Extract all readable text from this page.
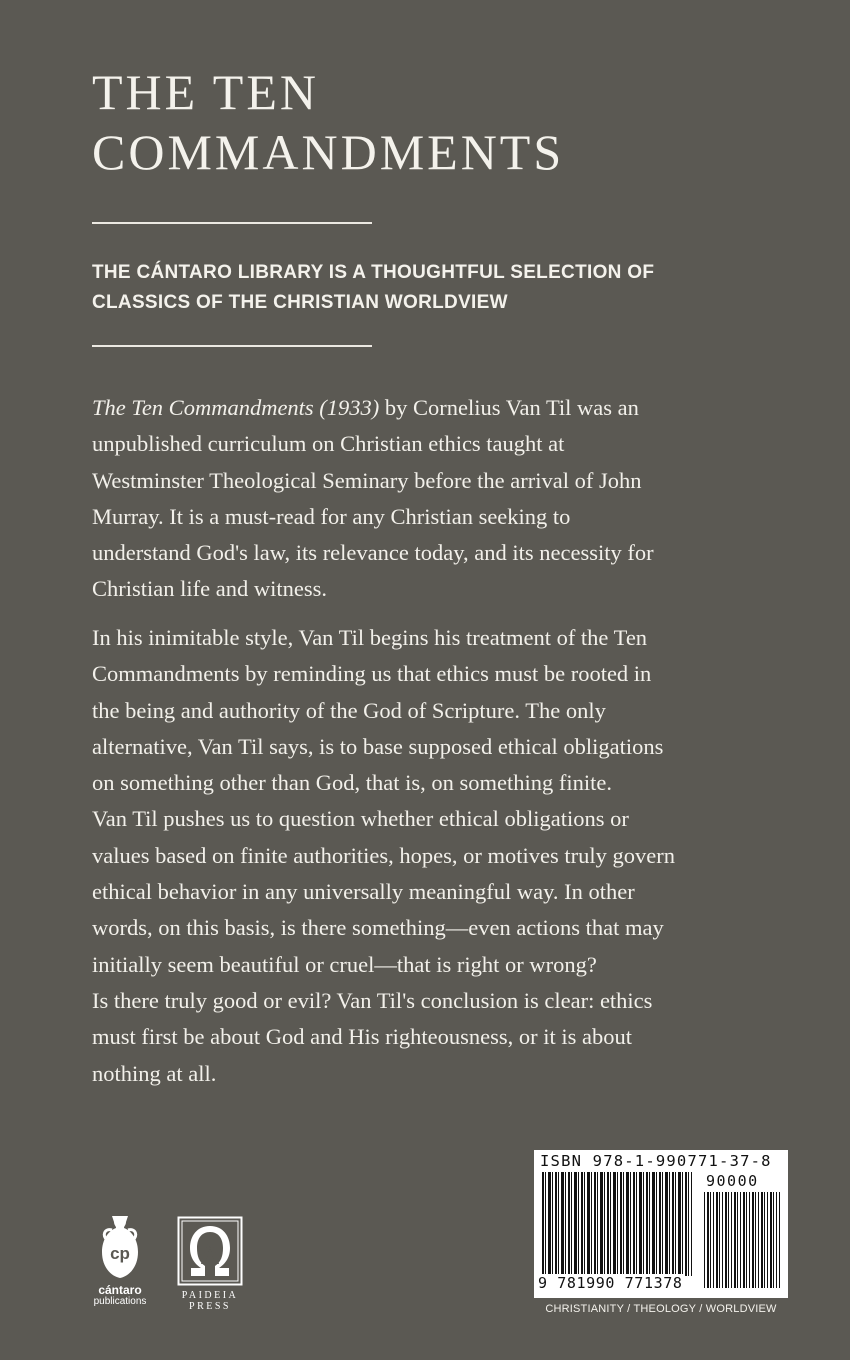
THE TEN
COMMANDMENTS

THE CÁNTARO LIBRARY IS A THOUGHTFUL SELECTION OF
CLASSICS OF THE CHRISTIAN WORLDVIEW

The Ten Commandments (1933) by Cornelius Van Til was an
unpublished curriculum on Christian ethics taught at
Westminster Theological Seminary before the arrival of John
Murray. It is a must-read for any Christian seeking to
understand God's law, its relevance today, and its necessity for
Christian life and witness.
In his inimitable style, Van Til begins his treatment of the Ten
Commandments by reminding us that ethics must be rooted in
the being and authority of the God of Scripture. The only
alternative, Van Til says, is to base supposed ethical obligations
on something other than God, that is, on something finite.
Van Til pushes us to question whether ethical obligations or
values based on finite authorities, hopes, or motives truly govern
ethical behavior in any universally meaningful way. In other
words, on this basis, is there something—even actions that may
initially seem beautiful or cruel—that is right or wrong?
Is there truly good or evil? Van Til's conclusion is clear: ethics
must first be about God and His righteousness, or it is about
nothing at all.
cp
cántaro
publications
PAIDEIA
PRESS
ISBN 978-1-990771-37-8
90000
9 781990 771378
CHRISTIANITY / THEOLOGY / WORLDVIEW
